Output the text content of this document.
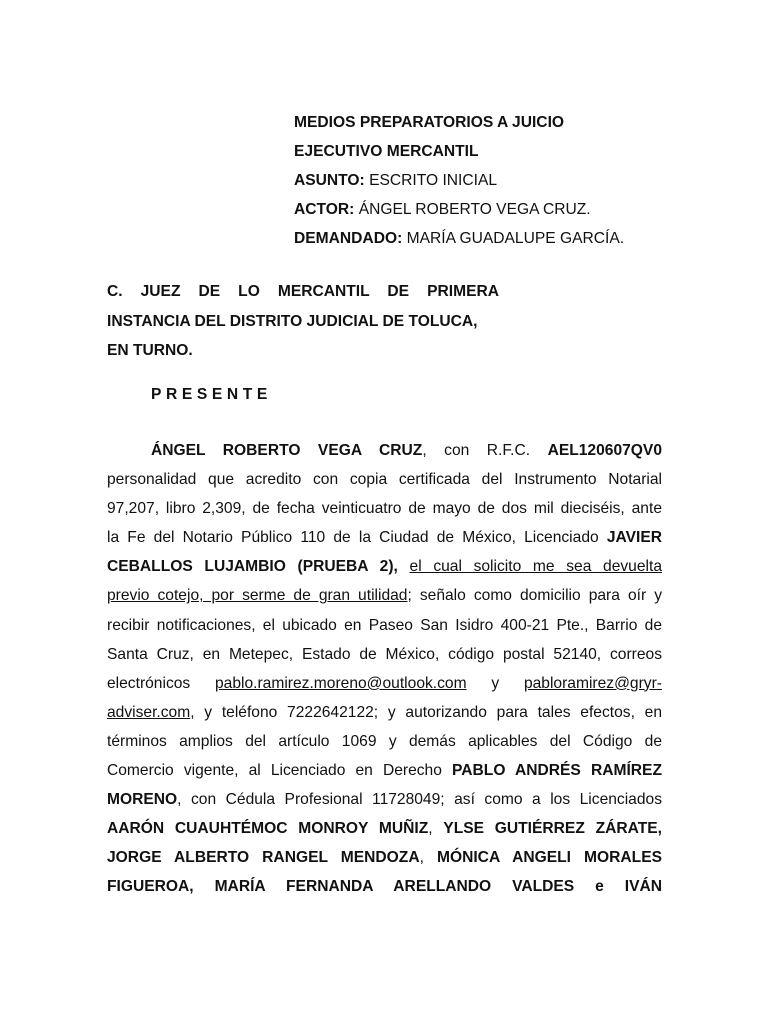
MEDIOS PREPARATORIOS A JUICIO
EJECUTIVO MERCANTIL
ASUNTO: ESCRITO INICIAL
ACTOR: ÁNGEL ROBERTO VEGA CRUZ.
DEMANDADO: MARÍA GUADALUPE GARCÍA.
C. JUEZ DE LO MERCANTIL DE PRIMERA
INSTANCIA DEL DISTRITO JUDICIAL DE TOLUCA,
EN TURNO.
PRESENTE
ÁNGEL ROBERTO VEGA CRUZ, con R.F.C. AEL120607QV0
personalidad que acredito con copia certificada del Instrumento Notarial
97,207, libro 2,309, de fecha veinticuatro de mayo de dos mil dieciséis, ante
la Fe del Notario Público 110 de la Ciudad de México, Licenciado JAVIER
CEBALLOS LUJAMBIO (PRUEBA 2), el cual solicito me sea devuelta
previo cotejo, por serme de gran utilidad; señalo como domicilio para oír y
recibir notificaciones, el ubicado en Paseo San Isidro 400-21 Pte., Barrio de
Santa Cruz, en Metepec, Estado de México, código postal 52140, correos
electrónicos pablo.ramirez.moreno@outlook.com y pabloramirez@gryr-
adviser.com, y teléfono 7222642122; y autorizando para tales efectos, en
términos amplios del artículo 1069 y demás aplicables del Código de
Comercio vigente, al Licenciado en Derecho PABLO ANDRÉS RAMÍREZ
MORENO, con Cédula Profesional 11728049; así como a los Licenciados
AARÓN CUAUHTÉMOC MONROY MUÑIZ, YLSE GUTIÉRREZ ZÁRATE,
JORGE ALBERTO RANGEL MENDOZA, MÓNICA ANGELI MORALES
FIGUEROA, MARÍA FERNANDA ARELLANDO VALDES e IVÁN
